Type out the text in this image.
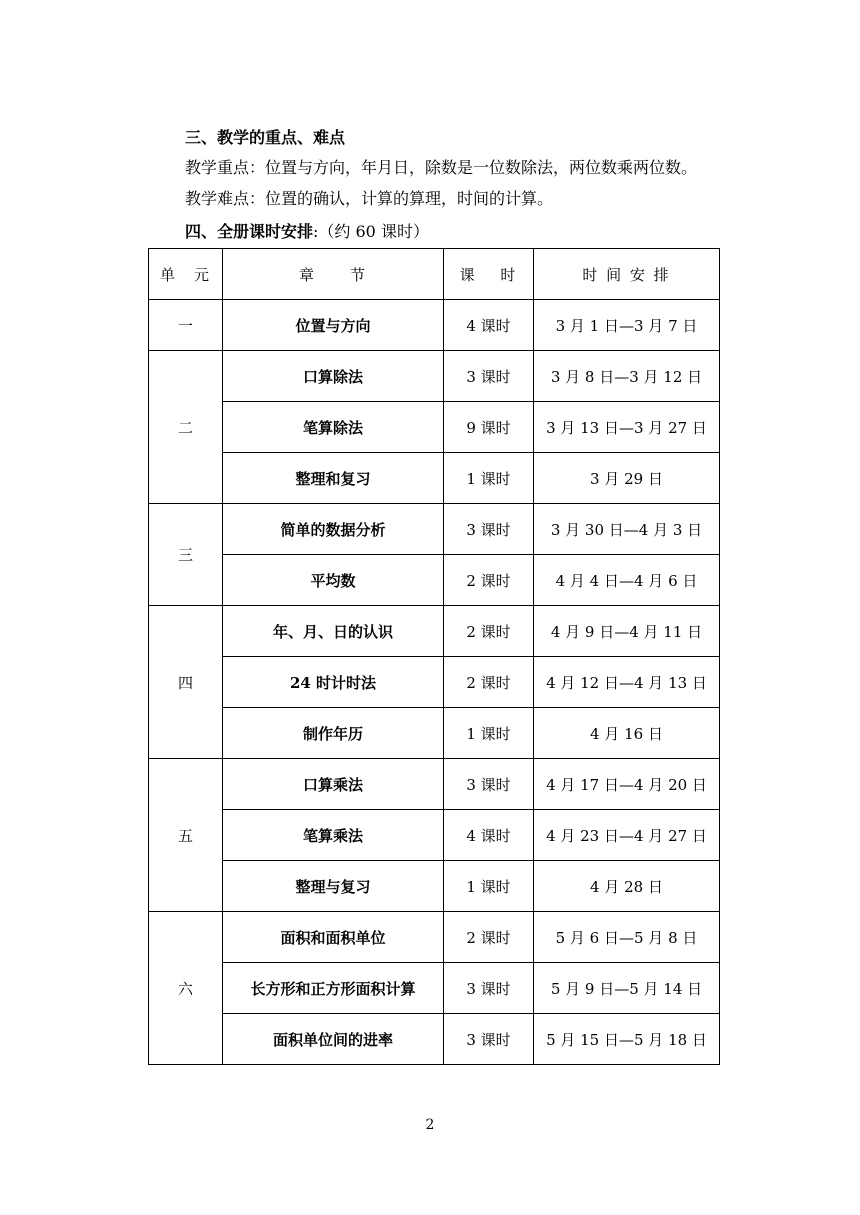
三、教学的重点、难点
教学重点：位置与方向，年月日，除数是一位数除法，两位数乘两位数。
教学难点：位置的确认，计算的算理，时间的计算。
四、全册课时安排:（约 60 课时）
单　元	章　　节	课　 时	时 间 安 排
一	位置与方向	4 课时	3 月 1 日—3 月 7 日
二	口算除法	3 课时	3 月 8 日—3 月 12 日
	笔算除法	9 课时	3 月 13 日—3 月 27 日
	整理和复习	1 课时	3 月 29 日
三	简单的数据分析	3 课时	3 月 30 日—4 月 3 日
	平均数	2 课时	4 月 4 日—4 月 6 日
四	年、月、日的认识	2 课时	4 月 9 日—4 月 11 日
	24 时计时法	2 课时	4 月 12 日—4 月 13 日
	制作年历	1 课时	4 月 16 日
五	口算乘法	3 课时	4 月 17 日—4 月 20 日
	笔算乘法	4 课时	4 月 23 日—4 月 27 日
	整理与复习	1 课时	4 月 28 日
六	面积和面积单位	2 课时	5 月 6 日—5 月 8 日
	长方形和正方形面积计算	3 课时	5 月 9 日—5 月 14 日
	面积单位间的进率	3 课时	5 月 15 日—5 月 18 日
2
